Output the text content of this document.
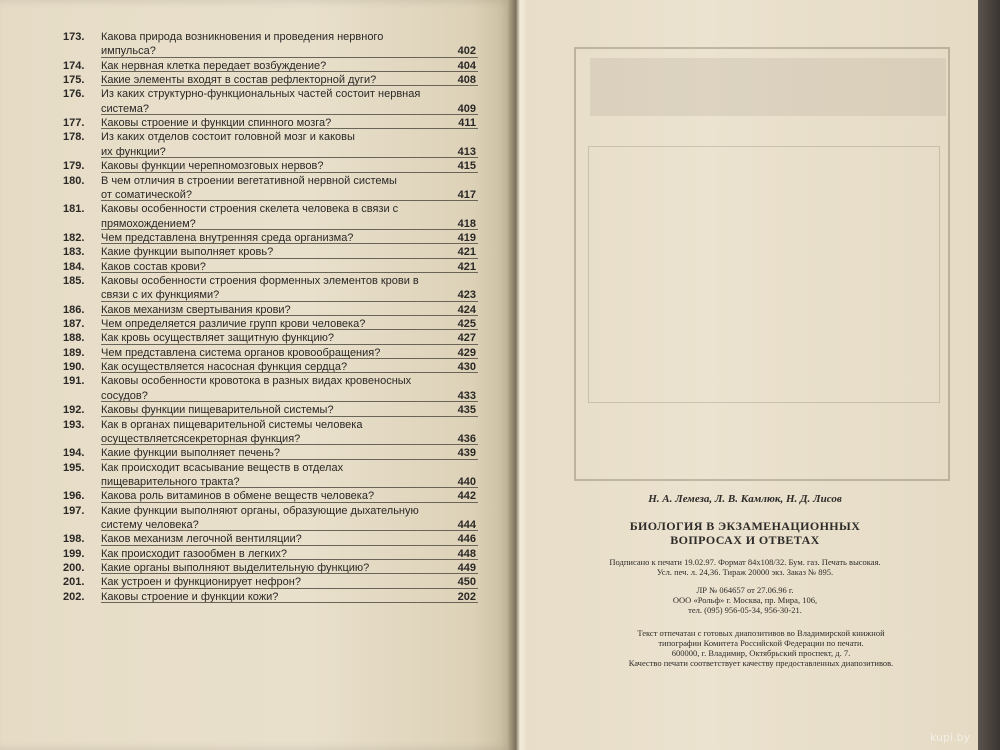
173.	Какова природа возникновения и проведения нервного
импульса?	402
174.	Как нервная клетка передает возбуждение?	404
175.	Какие элементы входят в состав рефлекторной дуги?	408
176.	Из каких структурно-функциональных частей состоит нервная
система?	409
177.	Каковы строение и функции спинного мозга?	411
178.	Из каких отделов состоит головной мозг и каковы
их функции?	413
179.	Каковы функции черепномозговых нервов?	415
180.	В чем отличия в строении вегетативной нервной системы
от соматической?	417
181.	Каковы особенности строения скелета человека в связи с
прямохождением?	418
182.	Чем представлена внутренняя среда организма?	419
183.	Какие функции выполняет кровь?	421
184.	Каков состав крови?	421
185.	Каковы особенности строения форменных элементов крови в
связи с их функциями?	423
186.	Каков механизм свертывания крови?	424
187.	Чем определяется различие групп крови человека?	425
188.	Как кровь осуществляет защитную функцию?	427
189.	Чем представлена система органов кровообращения?	429
190.	Как осуществляется насосная функция сердца?	430
191.	Каковы особенности кровотока в разных видах кровеносных
сосудов?	433
192.	Каковы функции пищеварительной системы?	435
193.	Как в органах пищеварительной системы человека
осуществляетсясекреторная функция?	436
194.	Какие функции выполняет печень?	439
195.	Как происходит всасывание веществ в отделах
пищеварительного тракта?	440
196.	Какова роль витаминов в обмене веществ человека?	442
197.	Какие функции выполняют органы, образующие дыхательную
систему человека?	444
198.	Каков механизм легочной вентиляции?	446
199.	Как происходит газообмен в легких?	448
200.	Какие органы выполняют выделительную функцию?	449
201.	Как устроен и функционирует нефрон?	450
202.	Каковы строение и функции кожи?	202
Н. А. Лемеза, Л. В. Камлюк, Н. Д. Лисов
БИОЛОГИЯ В ЭКЗАМЕНАЦИОННЫХ
ВОПРОСАХ И ОТВЕТАХ
Подписано к печати 19.02.97. Формат 84х108/32. Бум. газ. Печать высокая.
Усл. печ. л. 24,36. Тираж 20000 экз. Заказ № 895.
ЛР № 064657 от 27.06.96 г.
ООО «Рольф» г. Москва, пр. Мира, 106,
тел. (095) 956-05-34, 956-30-21.
Текст отпечатан с готовых диапозитивов во Владимирской книжной
типографии Комитета Российской Федерации по печати.
600000, г. Владимир, Октябрьский проспект, д. 7.
Качество печати соответствует качеству предоставленных диапозитивов.
kupi.by
